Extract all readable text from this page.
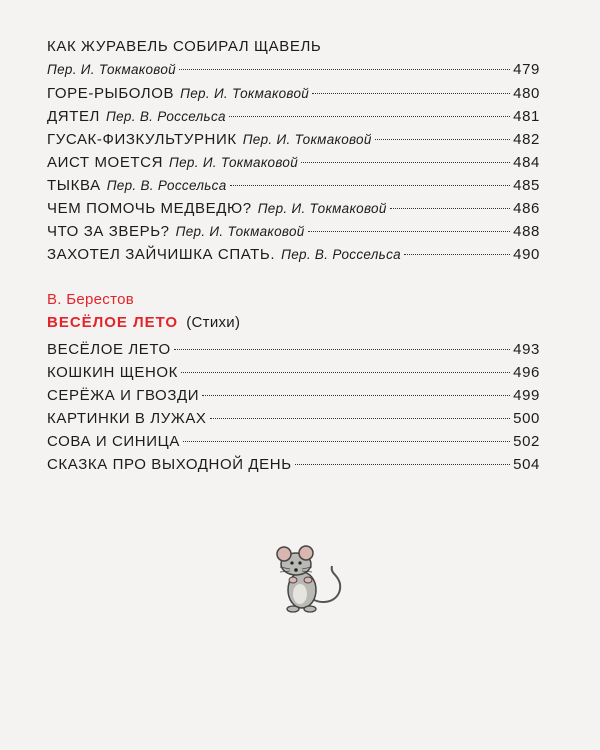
КАК ЖУРАВЕЛЬ СОБИРАЛ ЩАВЕЛЬ
Пер. И. Токмаковой	479
ГОРЕ-РЫБОЛОВ Пер. И. Токмаковой	480
ДЯТЕЛ Пер. В. Россельса	481
ГУСАК-ФИЗКУЛЬТУРНИК Пер. И. Токмаковой	482
АИСТ МОЕТСЯ Пер. И. Токмаковой	484
ТЫКВА Пер. В. Россельса	485
ЧЕМ ПОМОЧЬ МЕДВЕДЮ? Пер. И. Токмаковой	486
ЧТО ЗА ЗВЕРЬ? Пер. И. Токмаковой	488
ЗАХОТЕЛ ЗАЙЧИШКА СПАТЬ. Пер. В. Россельса	490
В. Берестов
ВЕСЁЛОЕ ЛЕТО (Стихи)
ВЕСЁЛОЕ ЛЕТО	493
КОШКИН ЩЕНОК	496
СЕРЁЖА И ГВОЗДИ	499
КАРТИНКИ В ЛУЖАХ	500
СОВА И СИНИЦА	502
СКАЗКА ПРО ВЫХОДНОЙ ДЕНЬ	504
